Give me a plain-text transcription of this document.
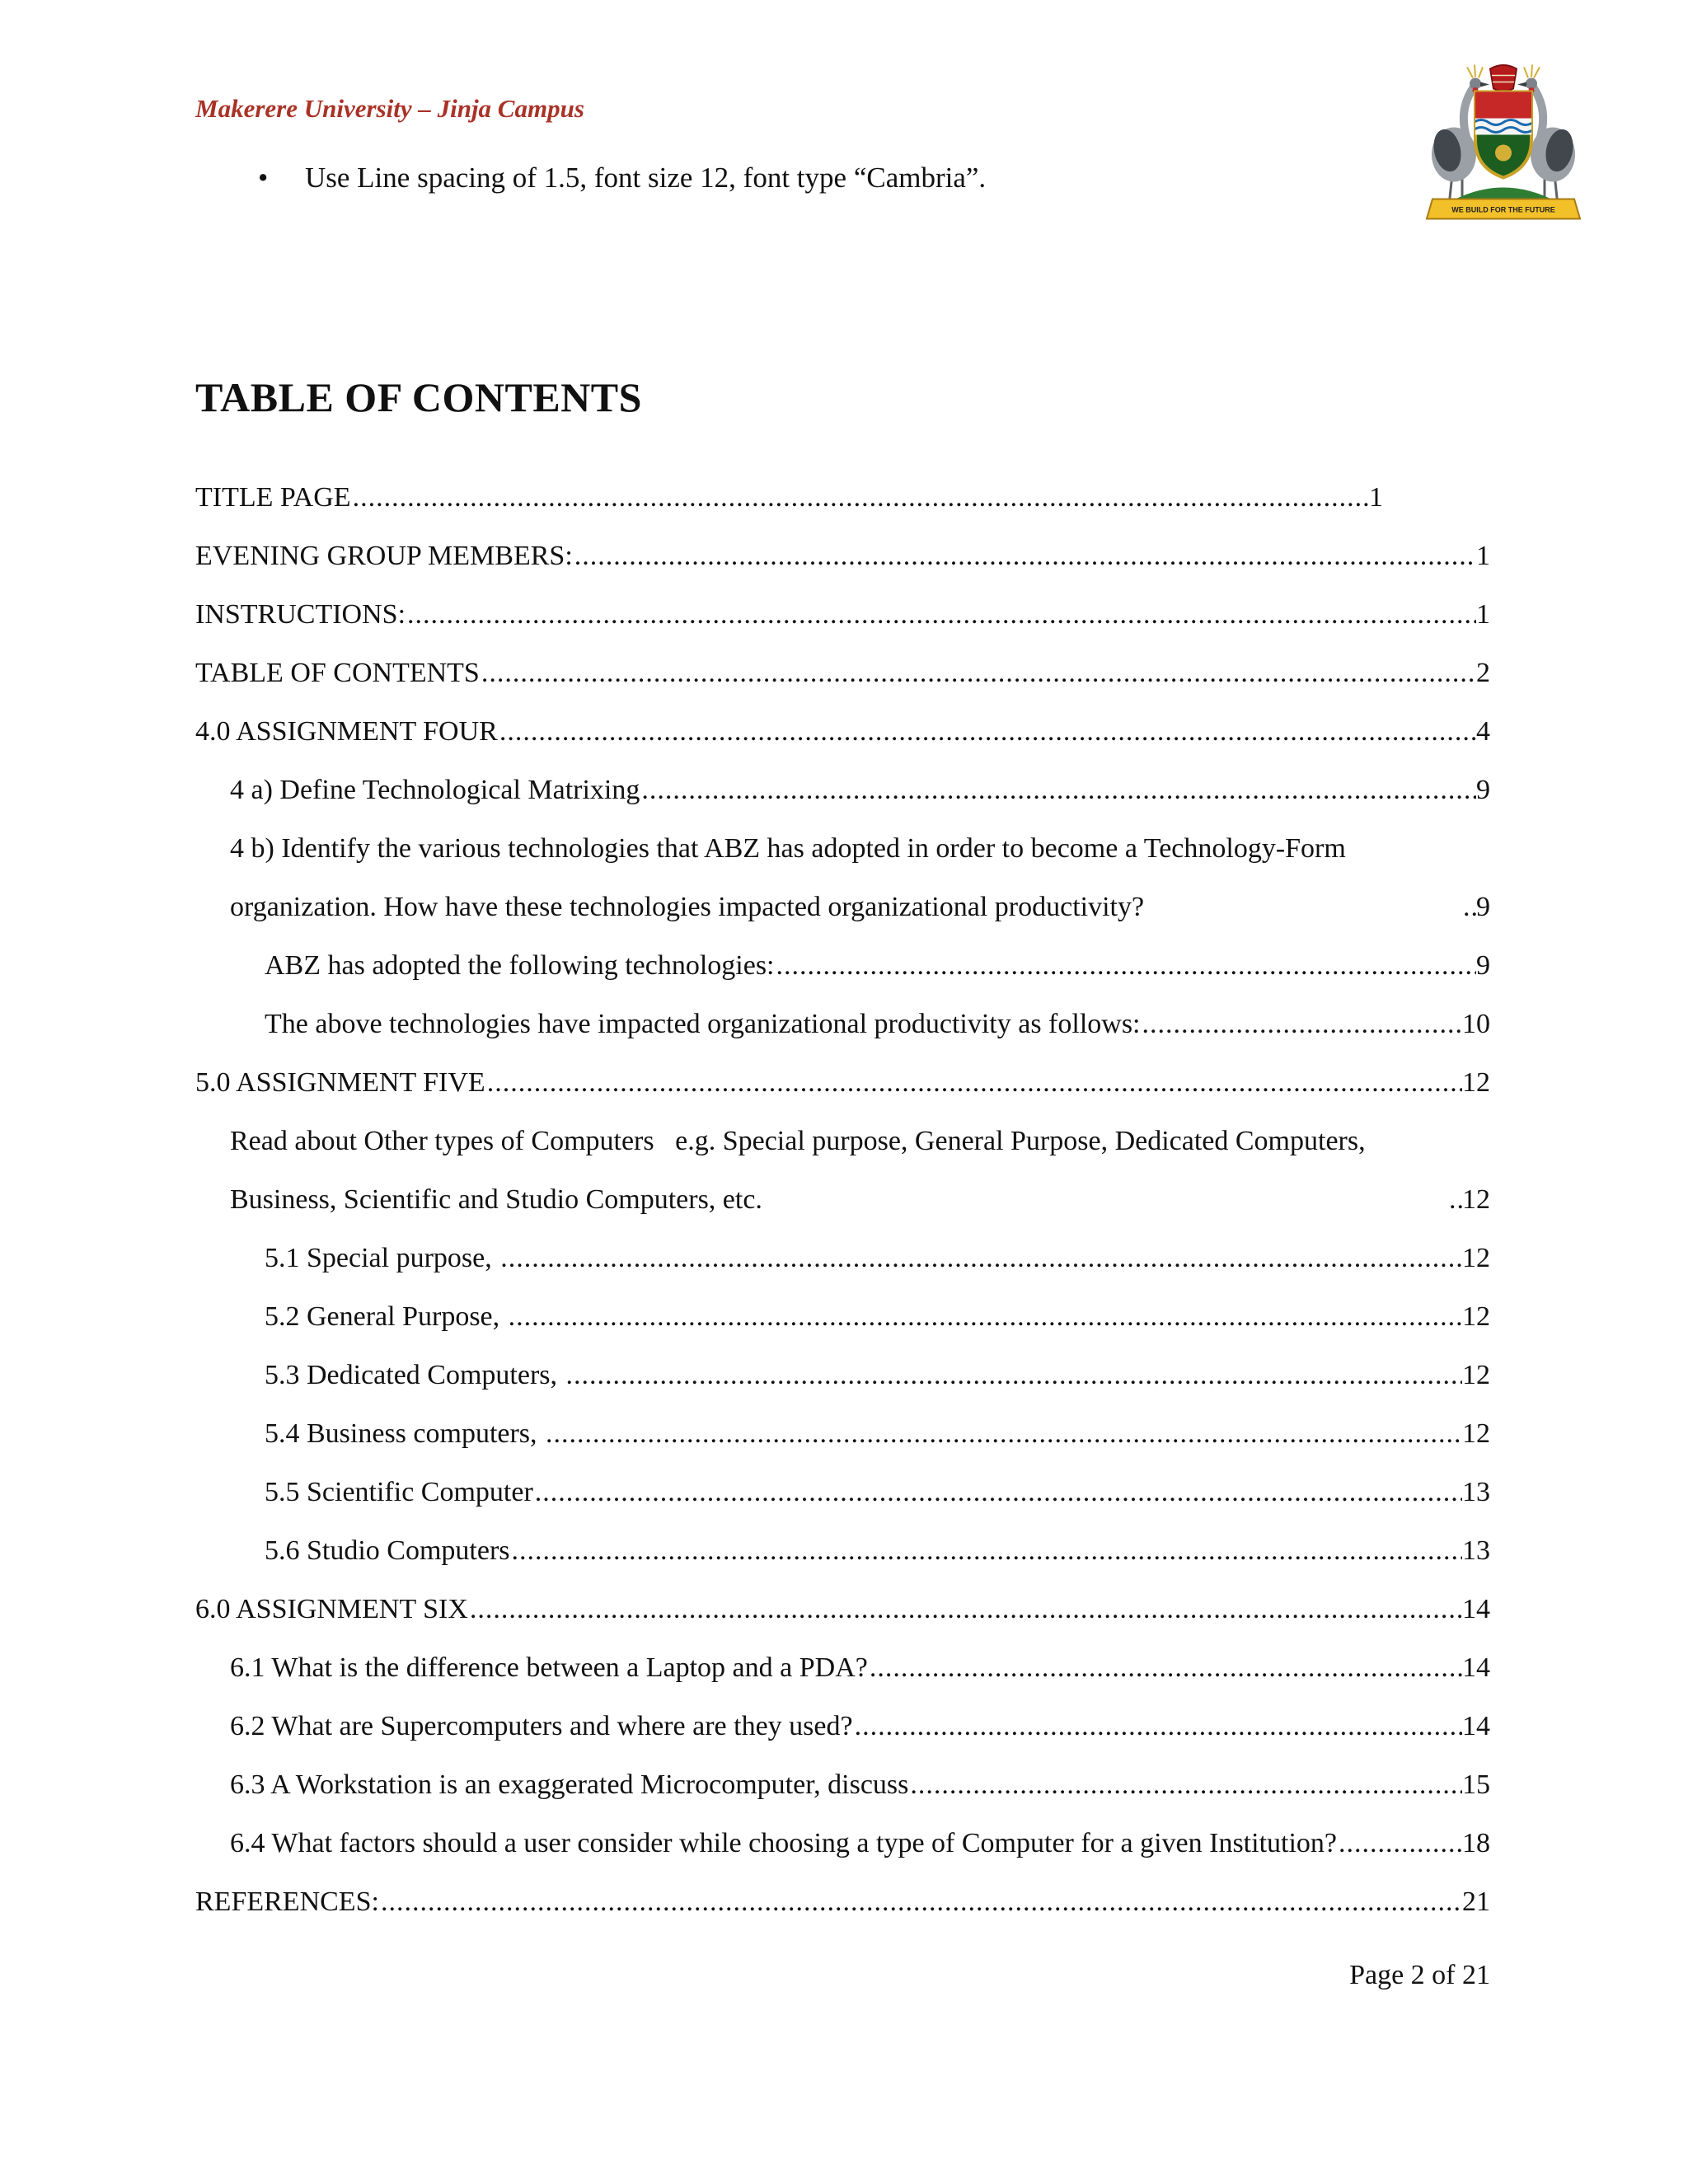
Makerere University – Jinja Campus
•	Use Line spacing of 1.5, font size 12, font type “Cambria”.
WE BUILD FOR THE FUTURE
TABLE OF CONTENTS
TITLE PAGE .....	1
EVENING GROUP MEMBERS: .....	1
INSTRUCTIONS: .....	1
TABLE OF CONTENTS .....	2
4.0 ASSIGNMENT FOUR .....	4
4 a) Define Technological Matrixing .....	9
4 b) Identify the various technologies that ABZ has adopted in order to become a Technology-Form organization. How have these technologies impacted organizational productivity? .....	9
ABZ has adopted the following technologies: .....	9
The above technologies have impacted organizational productivity as follows: .....	10
5.0 ASSIGNMENT FIVE .....	12
Read about Other types of Computers   e.g. Special purpose, General Purpose, Dedicated Computers, Business, Scientific and Studio Computers, etc. .....	12
5.1 Special purpose, .....	12
5.2 General Purpose, .....	12
5.3 Dedicated Computers, .....	12
5.4 Business computers, .....	12
5.5 Scientific Computer .....	13
5.6 Studio Computers .....	13
6.0 ASSIGNMENT SIX .....	14
6.1 What is the difference between a Laptop and a PDA? .....	14
6.2 What are Supercomputers and where are they used? .....	14
6.3 A Workstation is an exaggerated Microcomputer, discuss .....	15
6.4 What factors should a user consider while choosing a type of Computer for a given Institution? .....	18
REFERENCES: .....	21
Page 2 of 21
